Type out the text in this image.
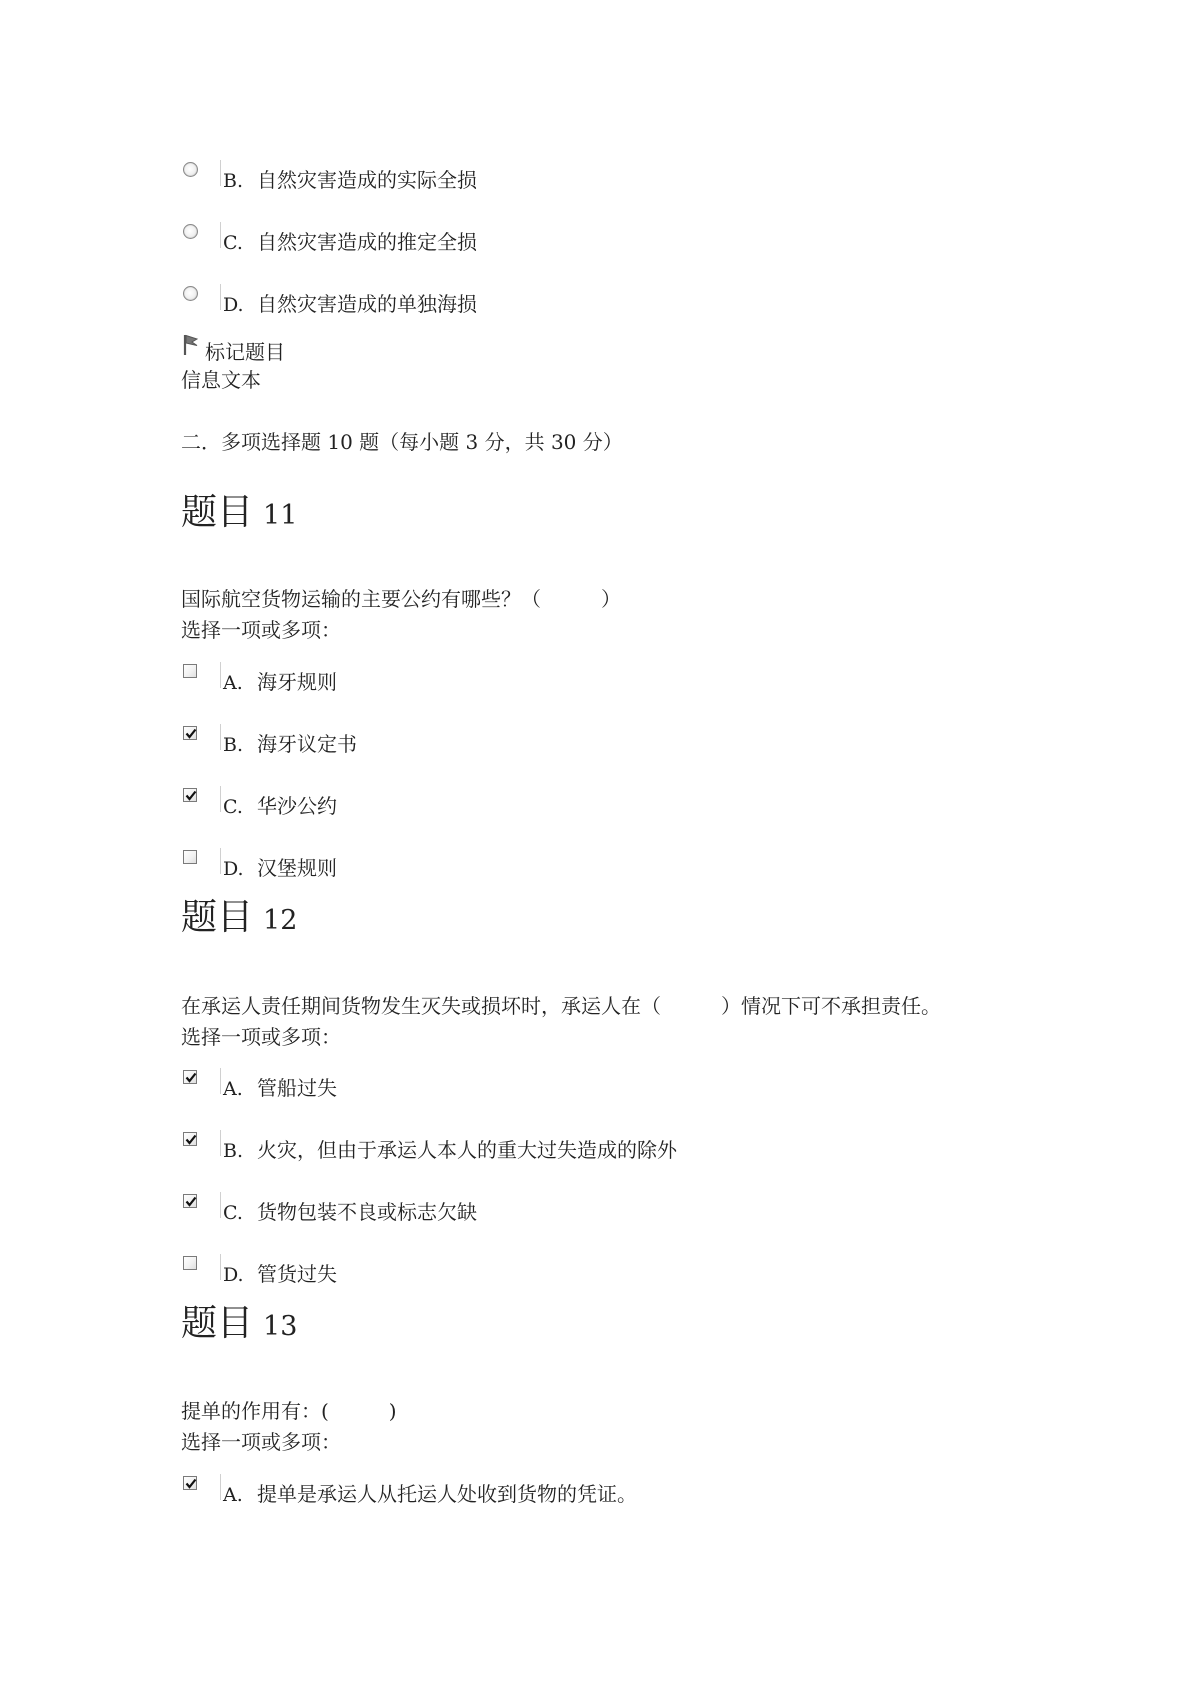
B. 自然灾害造成的实际全损
C. 自然灾害造成的推定全损
D. 自然灾害造成的单独海损
标记题目
信息文本
二．多项选择题 10 题（每小题 3 分，共 30 分）
题目 11
国际航空货物运输的主要公约有哪些？（　　　）
选择一项或多项：
A. 海牙规则
B. 海牙议定书
C. 华沙公约
D. 汉堡规则
题目 12
在承运人责任期间货物发生灭失或损坏时，承运人在（　　　）情况下可不承担责任。
选择一项或多项：
A. 管船过失
B. 火灾，但由于承运人本人的重大过失造成的除外
C. 货物包装不良或标志欠缺
D. 管货过失
题目 13
提单的作用有：(　　　)
选择一项或多项：
A. 提单是承运人从托运人处收到货物的凭证。
